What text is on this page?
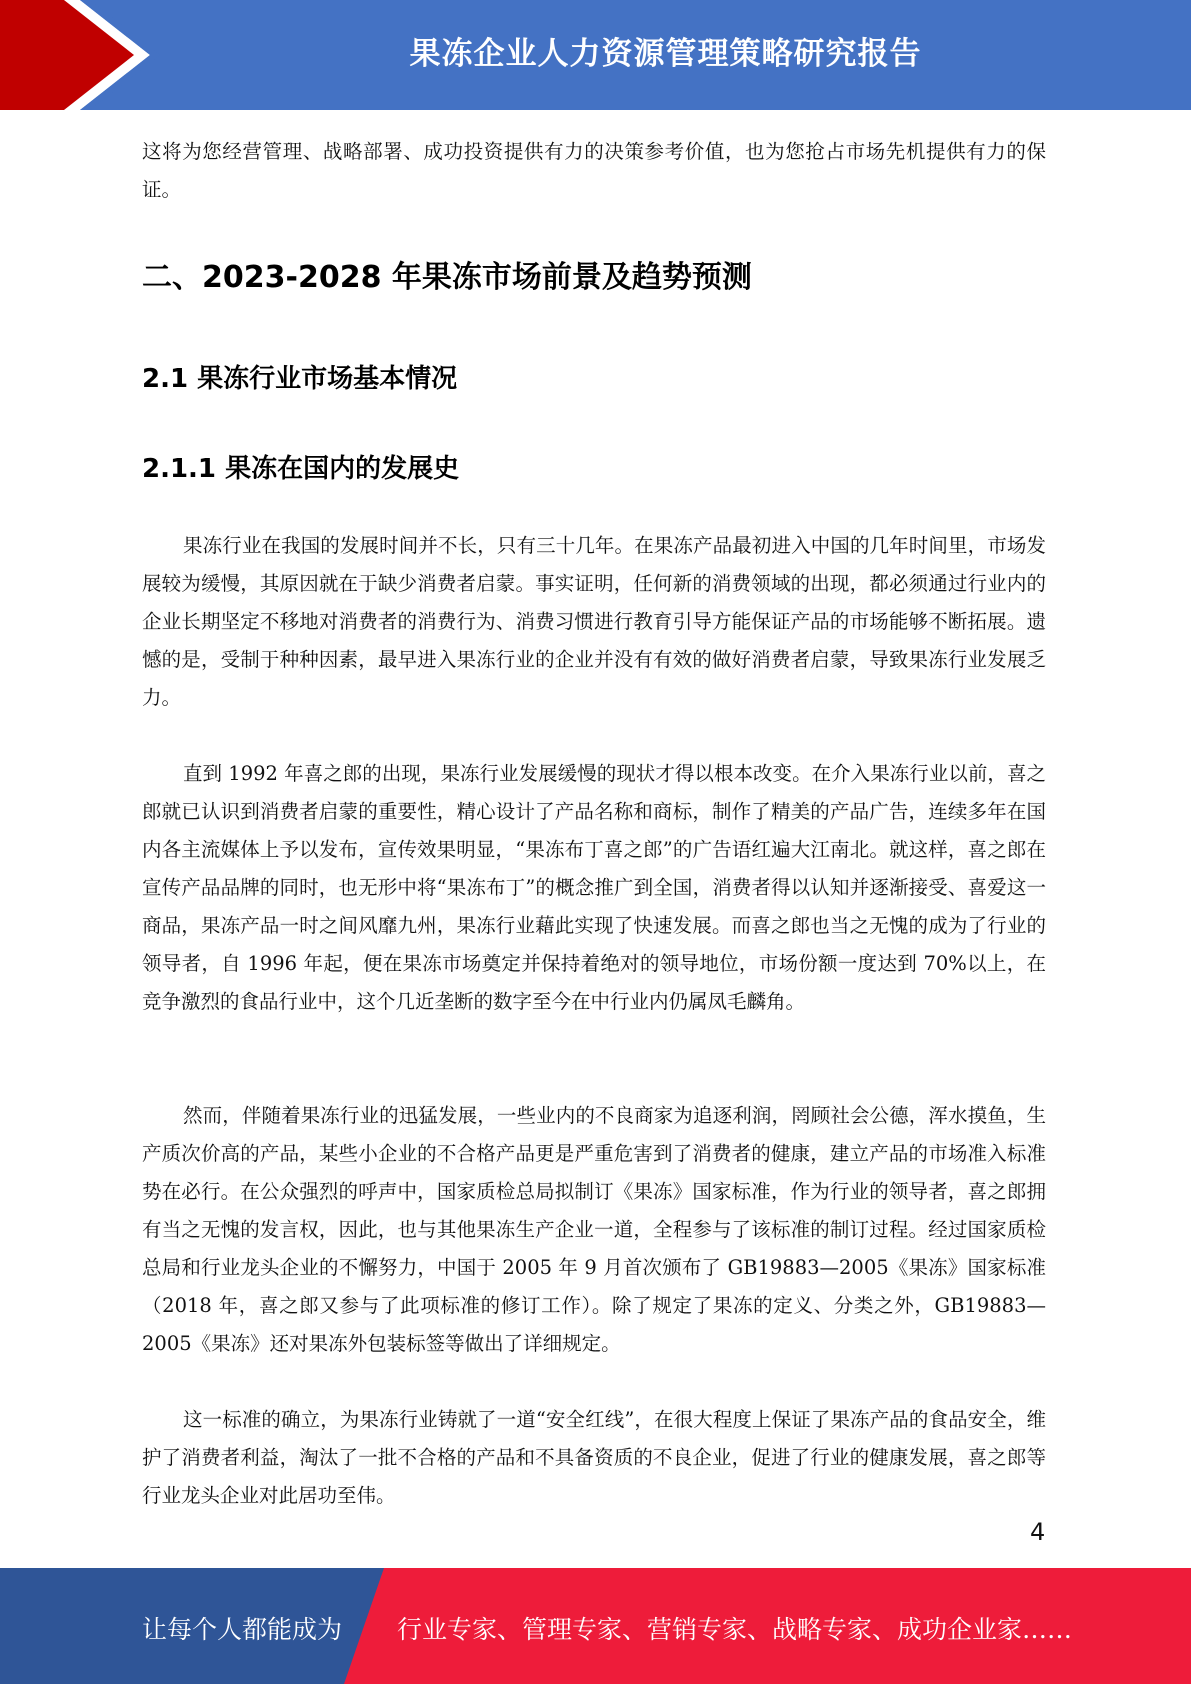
果冻企业人力资源管理策略研究报告

这将为您经营管理、战略部署、成功投资提供有力的决策参考价值，也为您抢占市场先机提供有力的保证。

二、2023-2028 年果冻市场前景及趋势预测
2.1 果冻行业市场基本情况
2.1.1 果冻在国内的发展史

果冻行业在我国的发展时间并不长，只有三十几年。在果冻产品最初进入中国的几年时间里，市场发展较为缓慢，其原因就在于缺少消费者启蒙。事实证明，任何新的消费领域的出现，都必须通过行业内的企业长期坚定不移地对消费者的消费行为、消费习惯进行教育引导方能保证产品的市场能够不断拓展。遗憾的是，受制于种种因素，最早进入果冻行业的企业并没有有效的做好消费者启蒙，导致果冻行业发展乏力。

直到 1992 年喜之郎的出现，果冻行业发展缓慢的现状才得以根本改变。在介入果冻行业以前，喜之郎就已认识到消费者启蒙的重要性，精心设计了产品名称和商标，制作了精美的产品广告，连续多年在国内各主流媒体上予以发布，宣传效果明显，“果冻布丁喜之郎”的广告语红遍大江南北。就这样，喜之郎在宣传产品品牌的同时，也无形中将“果冻布丁”的概念推广到全国，消费者得以认知并逐渐接受、喜爱这一商品，果冻产品一时之间风靡九州，果冻行业藉此实现了快速发展。而喜之郎也当之无愧的成为了行业的领导者，自 1996 年起，便在果冻市场奠定并保持着绝对的领导地位，市场份额一度达到 70%以上，在竞争激烈的食品行业中，这个几近垄断的数字至今在中行业内仍属凤毛麟角。

然而，伴随着果冻行业的迅猛发展，一些业内的不良商家为追逐利润，罔顾社会公德，浑水摸鱼，生产质次价高的产品，某些小企业的不合格产品更是严重危害到了消费者的健康，建立产品的市场准入标准势在必行。在公众强烈的呼声中，国家质检总局拟制订《果冻》国家标准，作为行业的领导者，喜之郎拥有当之无愧的发言权，因此，也与其他果冻生产企业一道，全程参与了该标准的制订过程。经过国家质检总局和行业龙头企业的不懈努力，中国于 2005 年 9 月首次颁布了 GB19883—2005《果冻》国家标准（2018 年，喜之郎又参与了此项标准的修订工作）。除了规定了果冻的定义、分类之外，GB19883—2005《果冻》还对果冻外包装标签等做出了详细规定。

这一标准的确立，为果冻行业铸就了一道“安全红线”，在很大程度上保证了果冻产品的食品安全，维护了消费者利益，淘汰了一批不合格的产品和不具备资质的不良企业，促进了行业的健康发展，喜之郎等行业龙头企业对此居功至伟。

4
让每个人都能成为 行业专家、管理专家、营销专家、战略专家、成功企业家……
